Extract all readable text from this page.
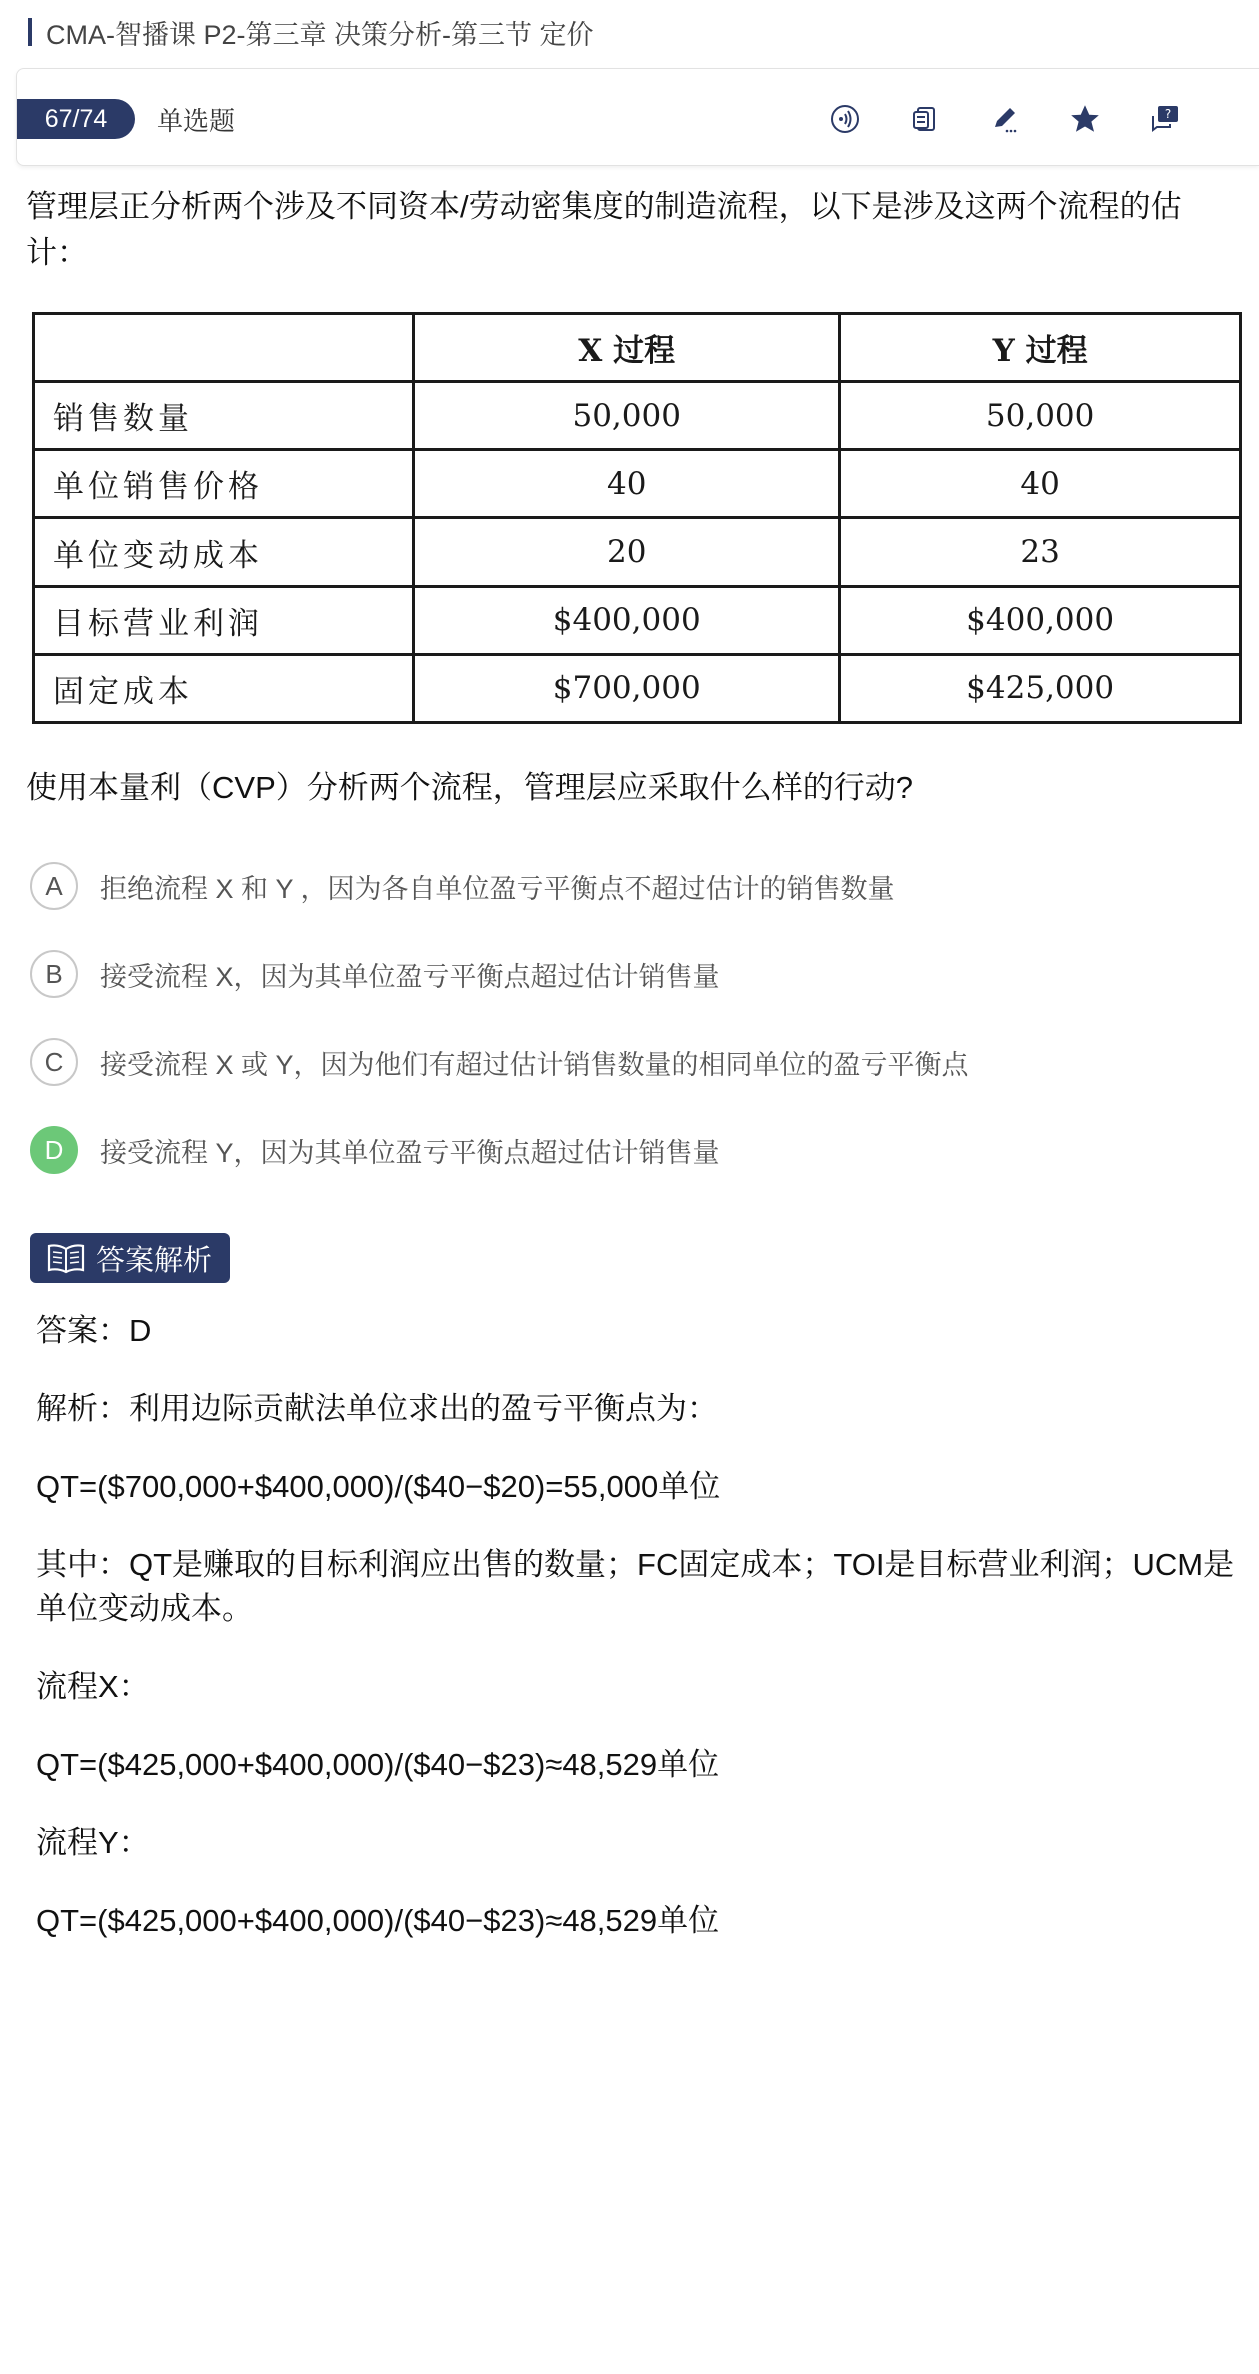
CMA-智播课 P2-第三章 决策分析-第三节 定价
67/74	单选题	?
管理层正分析两个涉及不同资本/劳动密集度的制造流程，以下是涉及这两个流程的估计：
	X 过程	Y 过程
销售数量	50,000	50,000
单位销售价格	40	40
单位变动成本	20	23
目标营业利润	$400,000	$400,000
固定成本	$700,000	$425,000
使用本量利（CVP）分析两个流程，管理层应采取什么样的行动?
A	拒绝流程 X 和 Y ，因为各自单位盈亏平衡点不超过估计的销售数量
B	接受流程 X，因为其单位盈亏平衡点超过估计销售量
C	接受流程 X 或 Y，因为他们有超过估计销售数量的相同单位的盈亏平衡点
D	接受流程 Y，因为其单位盈亏平衡点超过估计销售量
答案解析
答案：D
解析：利用边际贡献法单位求出的盈亏平衡点为：
QT=($700,000+$400,000)/($40−$20)=55,000单位
其中：QT是赚取的目标利润应出售的数量；FC固定成本；TOI是目标营业利润；UCM是单位变动成本。
流程X：
QT=($425,000+$400,000)/($40−$23)≈48,529单位
流程Y：
QT=($425,000+$400,000)/($40−$23)≈48,529单位
